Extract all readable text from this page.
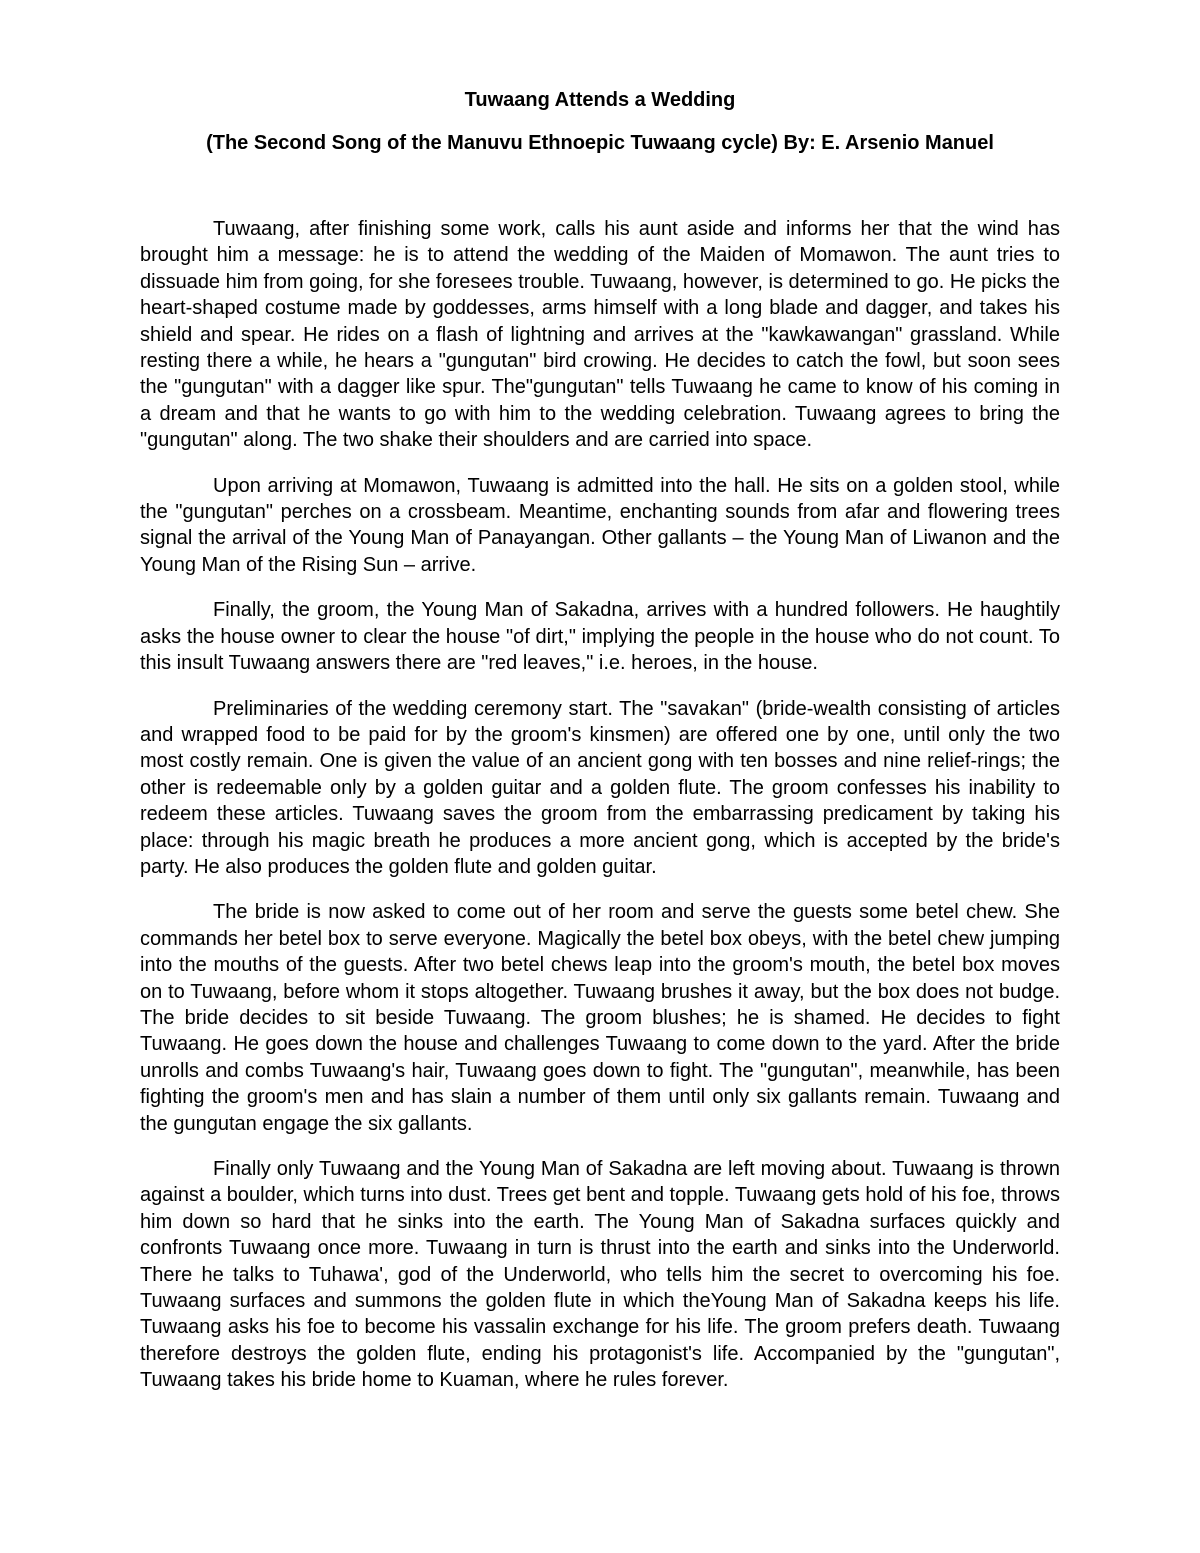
Tuwaang Attends a Wedding
(The Second Song of the Manuvu Ethnoepic Tuwaang cycle) By: E. Arsenio Manuel

Tuwaang, after finishing some work, calls his aunt aside and informs her that the wind has brought him a message: he is to attend the wedding of the Maiden of Momawon. The aunt tries to dissuade him from going, for she foresees trouble. Tuwaang, however, is determined to go. He picks the heart-shaped costume made by goddesses, arms himself with a long blade and dagger, and takes his shield and spear. He rides on a flash of lightning and arrives at the "kawkawangan" grassland. While resting there a while, he hears a "gungutan" bird crowing. He decides to catch the fowl, but soon sees the "gungutan" with a dagger like spur. The"gungutan" tells Tuwaang he came to know of his coming in a dream and that he wants to go with him to the wedding celebration. Tuwaang agrees to bring the "gungutan" along. The two shake their shoulders and are carried into space.

Upon arriving at Momawon, Tuwaang is admitted into the hall. He sits on a golden stool, while the "gungutan" perches on a crossbeam. Meantime, enchanting sounds from afar and flowering trees signal the arrival of the Young Man of Panayangan. Other gallants – the Young Man of Liwanon and the Young Man of the Rising Sun – arrive.

Finally, the groom, the Young Man of Sakadna, arrives with a hundred followers. He haughtily asks the house owner to clear the house "of dirt," implying the people in the house who do not count. To this insult Tuwaang answers there are "red leaves," i.e. heroes, in the house.

Preliminaries of the wedding ceremony start. The "savakan" (bride-wealth consisting of articles and wrapped food to be paid for by the groom's kinsmen) are offered one by one, until only the two most costly remain. One is given the value of an ancient gong with ten bosses and nine relief-rings; the other is redeemable only by a golden guitar and a golden flute. The groom confesses his inability to redeem these articles. Tuwaang saves the groom from the embarrassing predicament by taking his place: through his magic breath he produces a more ancient gong, which is accepted by the bride's party. He also produces the golden flute and golden guitar.

The bride is now asked to come out of her room and serve the guests some betel chew. She commands her betel box to serve everyone. Magically the betel box obeys, with the betel chew jumping into the mouths of the guests. After two betel chews leap into the groom's mouth, the betel box moves on to Tuwaang, before whom it stops altogether. Tuwaang brushes it away, but the box does not budge. The bride decides to sit beside Tuwaang. The groom blushes; he is shamed. He decides to fight Tuwaang. He goes down the house and challenges Tuwaang to come down to the yard. After the bride unrolls and combs Tuwaang's hair, Tuwaang goes down to fight. The "gungutan", meanwhile, has been fighting the groom's men and has slain a number of them until only six gallants remain. Tuwaang and the gungutan engage the six gallants.

Finally only Tuwaang and the Young Man of Sakadna are left moving about. Tuwaang is thrown against a boulder, which turns into dust. Trees get bent and topple. Tuwaang gets hold of his foe, throws him down so hard that he sinks into the earth. The Young Man of Sakadna surfaces quickly and confronts Tuwaang once more. Tuwaang in turn is thrust into the earth and sinks into the Underworld. There he talks to Tuhawa', god of the Underworld, who tells him the secret to overcoming his foe. Tuwaang surfaces and summons the golden flute in which theYoung Man of Sakadna keeps his life. Tuwaang asks his foe to become his vassalin exchange for his life. The groom prefers death. Tuwaang therefore destroys the golden flute, ending his protagonist's life. Accompanied by the "gungutan", Tuwaang takes his bride home to Kuaman, where he rules forever.
